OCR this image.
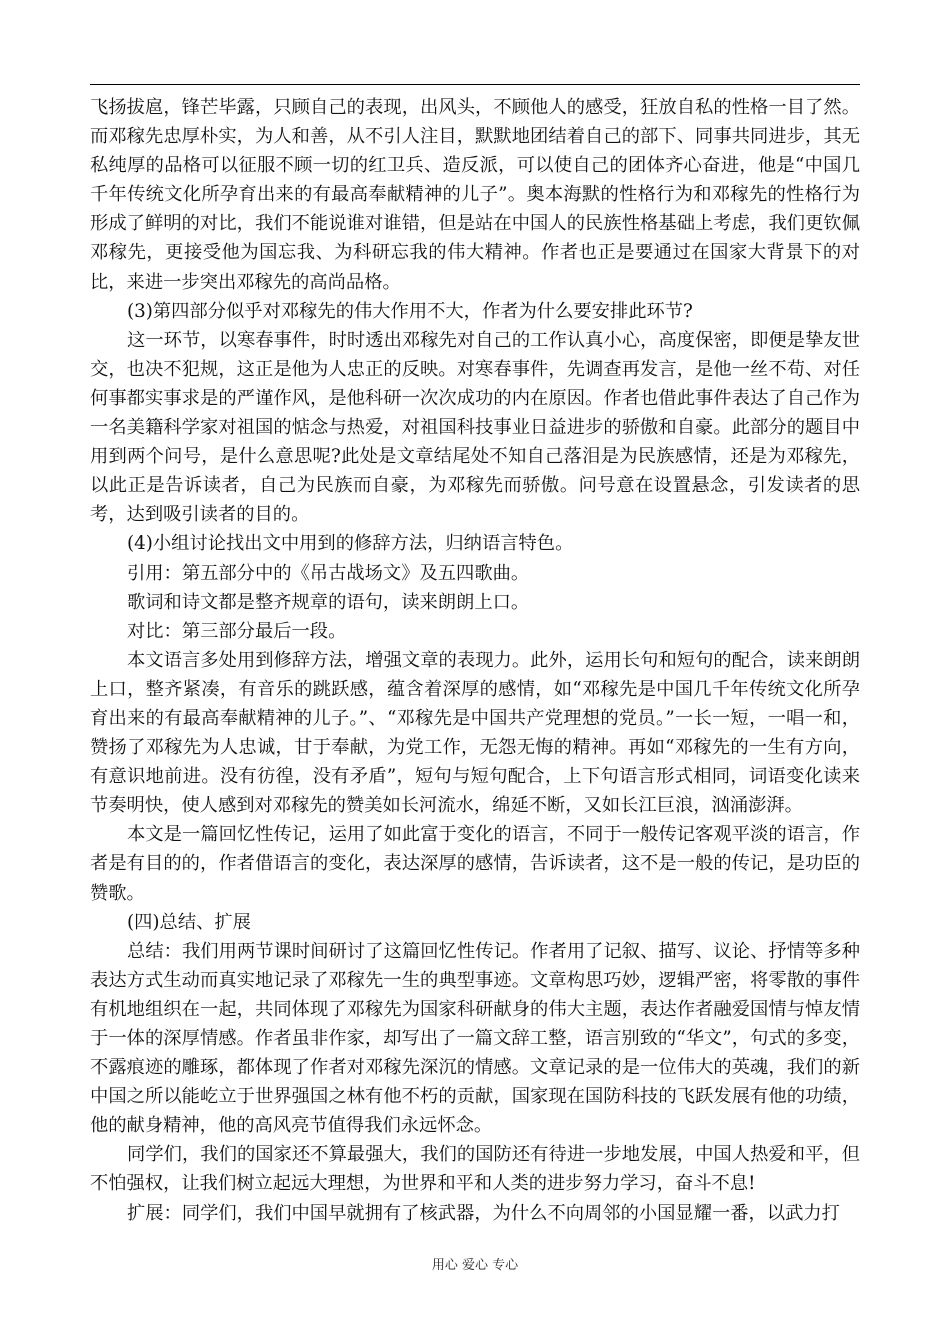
飞扬拔扈，锋芒毕露，只顾自己的表现，出风头，不顾他人的感受，狂放自私的性格一目了然。而邓稼先忠厚朴实，为人和善，从不引人注目，默默地团结着自己的部下、同事共同进步，其无私纯厚的品格可以征服不顾一切的红卫兵、造反派，可以使自己的团体齐心奋进，他是“中国几千年传统文化所孕育出来的有最高奉献精神的儿子”。奥本海默的性格行为和邓稼先的性格行为形成了鲜明的对比，我们不能说谁对谁错，但是站在中国人的民族性格基础上考虑，我们更钦佩邓稼先，更接受他为国忘我、为科研忘我的伟大精神。作者也正是要通过在国家大背景下的对比，来进一步突出邓稼先的高尚品格。

(3)第四部分似乎对邓稼先的伟大作用不大，作者为什么要安排此环节?

这一环节，以寒春事件，时时透出邓稼先对自己的工作认真小心，高度保密，即便是挚友世交，也决不犯规，这正是他为人忠正的反映。对寒春事件，先调查再发言，是他一丝不苟、对任何事都实事求是的严谨作风，是他科研一次次成功的内在原因。作者也借此事件表达了自己作为一名美籍科学家对祖国的惦念与热爱，对祖国科技事业日益进步的骄傲和自豪。此部分的题目中用到两个问号，是什么意思呢?此处是文章结尾处不知自己落泪是为民族感情，还是为邓稼先，以此正是告诉读者，自己为民族而自豪，为邓稼先而骄傲。问号意在设置悬念，引发读者的思考，达到吸引读者的目的。

(4)小组讨论找出文中用到的修辞方法，归纳语言特色。

引用：第五部分中的《吊古战场文》及五四歌曲。

歌词和诗文都是整齐规章的语句，读来朗朗上口。

对比：第三部分最后一段。

本文语言多处用到修辞方法，增强文章的表现力。此外，运用长句和短句的配合，读来朗朗上口，整齐紧凑，有音乐的跳跃感，蕴含着深厚的感情，如“邓稼先是中国几千年传统文化所孕育出来的有最高奉献精神的儿子。”、“邓稼先是中国共产党理想的党员。”一长一短，一唱一和，赞扬了邓稼先为人忠诚，甘于奉献，为党工作，无怨无悔的精神。再如“邓稼先的一生有方向，有意识地前进。没有彷徨，没有矛盾”，短句与短句配合，上下句语言形式相同，词语变化读来节奏明快，使人感到对邓稼先的赞美如长河流水，绵延不断，又如长江巨浪，汹涌澎湃。

本文是一篇回忆性传记，运用了如此富于变化的语言，不同于一般传记客观平淡的语言，作者是有目的的，作者借语言的变化，表达深厚的感情，告诉读者，这不是一般的传记，是功臣的赞歌。

(四)总结、扩展

总结：我们用两节课时间研讨了这篇回忆性传记。作者用了记叙、描写、议论、抒情等多种表达方式生动而真实地记录了邓稼先一生的典型事迹。文章构思巧妙，逻辑严密，将零散的事件有机地组织在一起，共同体现了邓稼先为国家科研献身的伟大主题，表达作者融爱国情与悼友情于一体的深厚情感。作者虽非作家，却写出了一篇文辞工整，语言别致的“华文”，句式的多变，不露痕迹的雕琢，都体现了作者对邓稼先深沉的情感。文章记录的是一位伟大的英魂，我们的新中国之所以能屹立于世界强国之林有他不朽的贡献，国家现在国防科技的飞跃发展有他的功绩，他的献身精神，他的高风亮节值得我们永远怀念。

同学们，我们的国家还不算最强大，我们的国防还有待进一步地发展，中国人热爱和平，但不怕强权，让我们树立起远大理想，为世界和平和人类的进步努力学习，奋斗不息!

扩展：同学们，我们中国早就拥有了核武器，为什么不向周邻的小国显耀一番，以武力打

用心 爱心 专心
